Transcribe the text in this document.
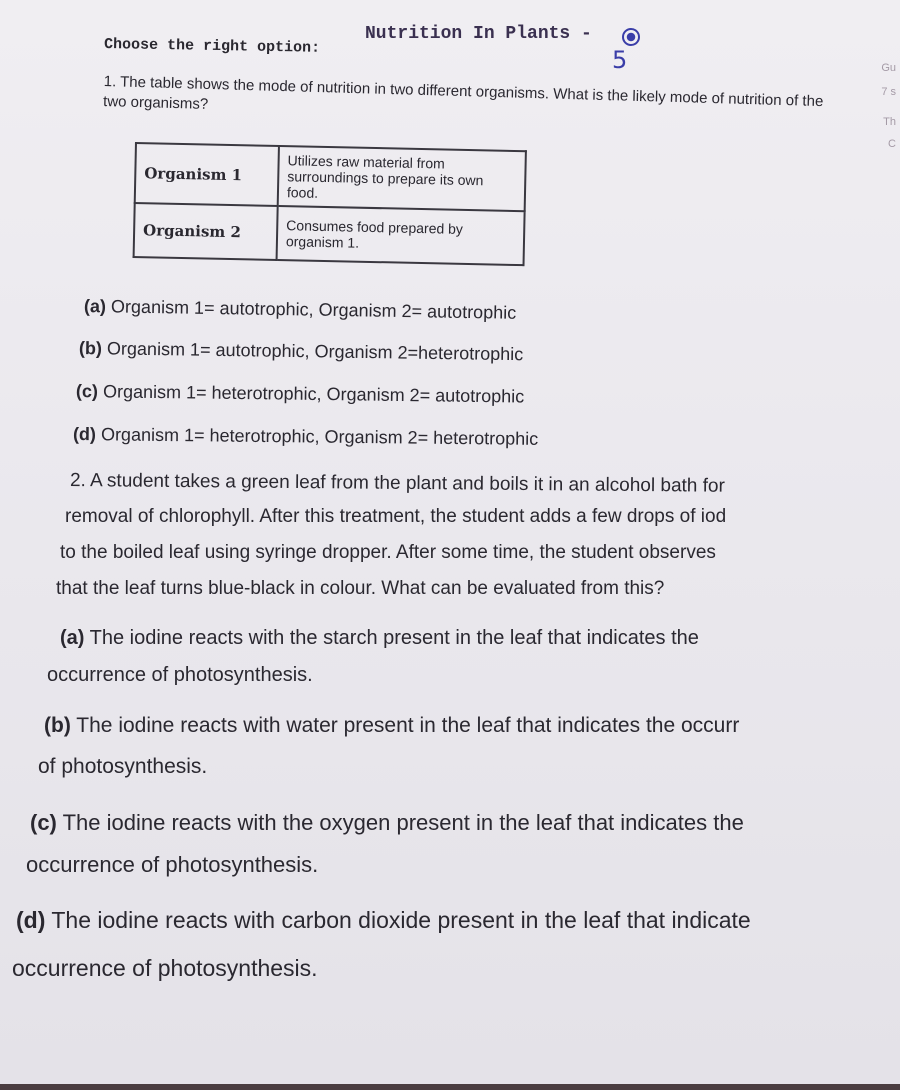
Nutrition In Plants -
5
Choose the right option:
Gu
7 s
Th
C
1. The table shows the mode of nutrition in two different organisms. What is the likely mode of nutrition of the two organisms?
Organism 1	Utilizes raw material from surroundings to prepare its own food.
Organism 2	Consumes food prepared by organism 1.
(a) Organism 1= autotrophic, Organism 2= autotrophic
(b) Organism 1= autotrophic, Organism 2=heterotrophic
(c) Organism 1= heterotrophic, Organism 2= autotrophic
(d) Organism 1= heterotrophic, Organism 2= heterotrophic
2. A student takes a green leaf from the plant and boils it in an alcohol bath for
removal of chlorophyll. After this treatment, the student adds a few drops of iod
to the boiled leaf using syringe dropper. After some time, the student observes
that the leaf turns blue-black in colour. What can be evaluated from this?
(a) The iodine reacts with the starch present in the leaf that indicates the
occurrence of photosynthesis.
(b) The iodine reacts with water present in the leaf that indicates the occurr
of photosynthesis.
(c) The iodine reacts with the oxygen present in the leaf that indicates the
occurrence of photosynthesis.
(d) The iodine reacts with carbon dioxide present in the leaf that indicate
occurrence of photosynthesis.
